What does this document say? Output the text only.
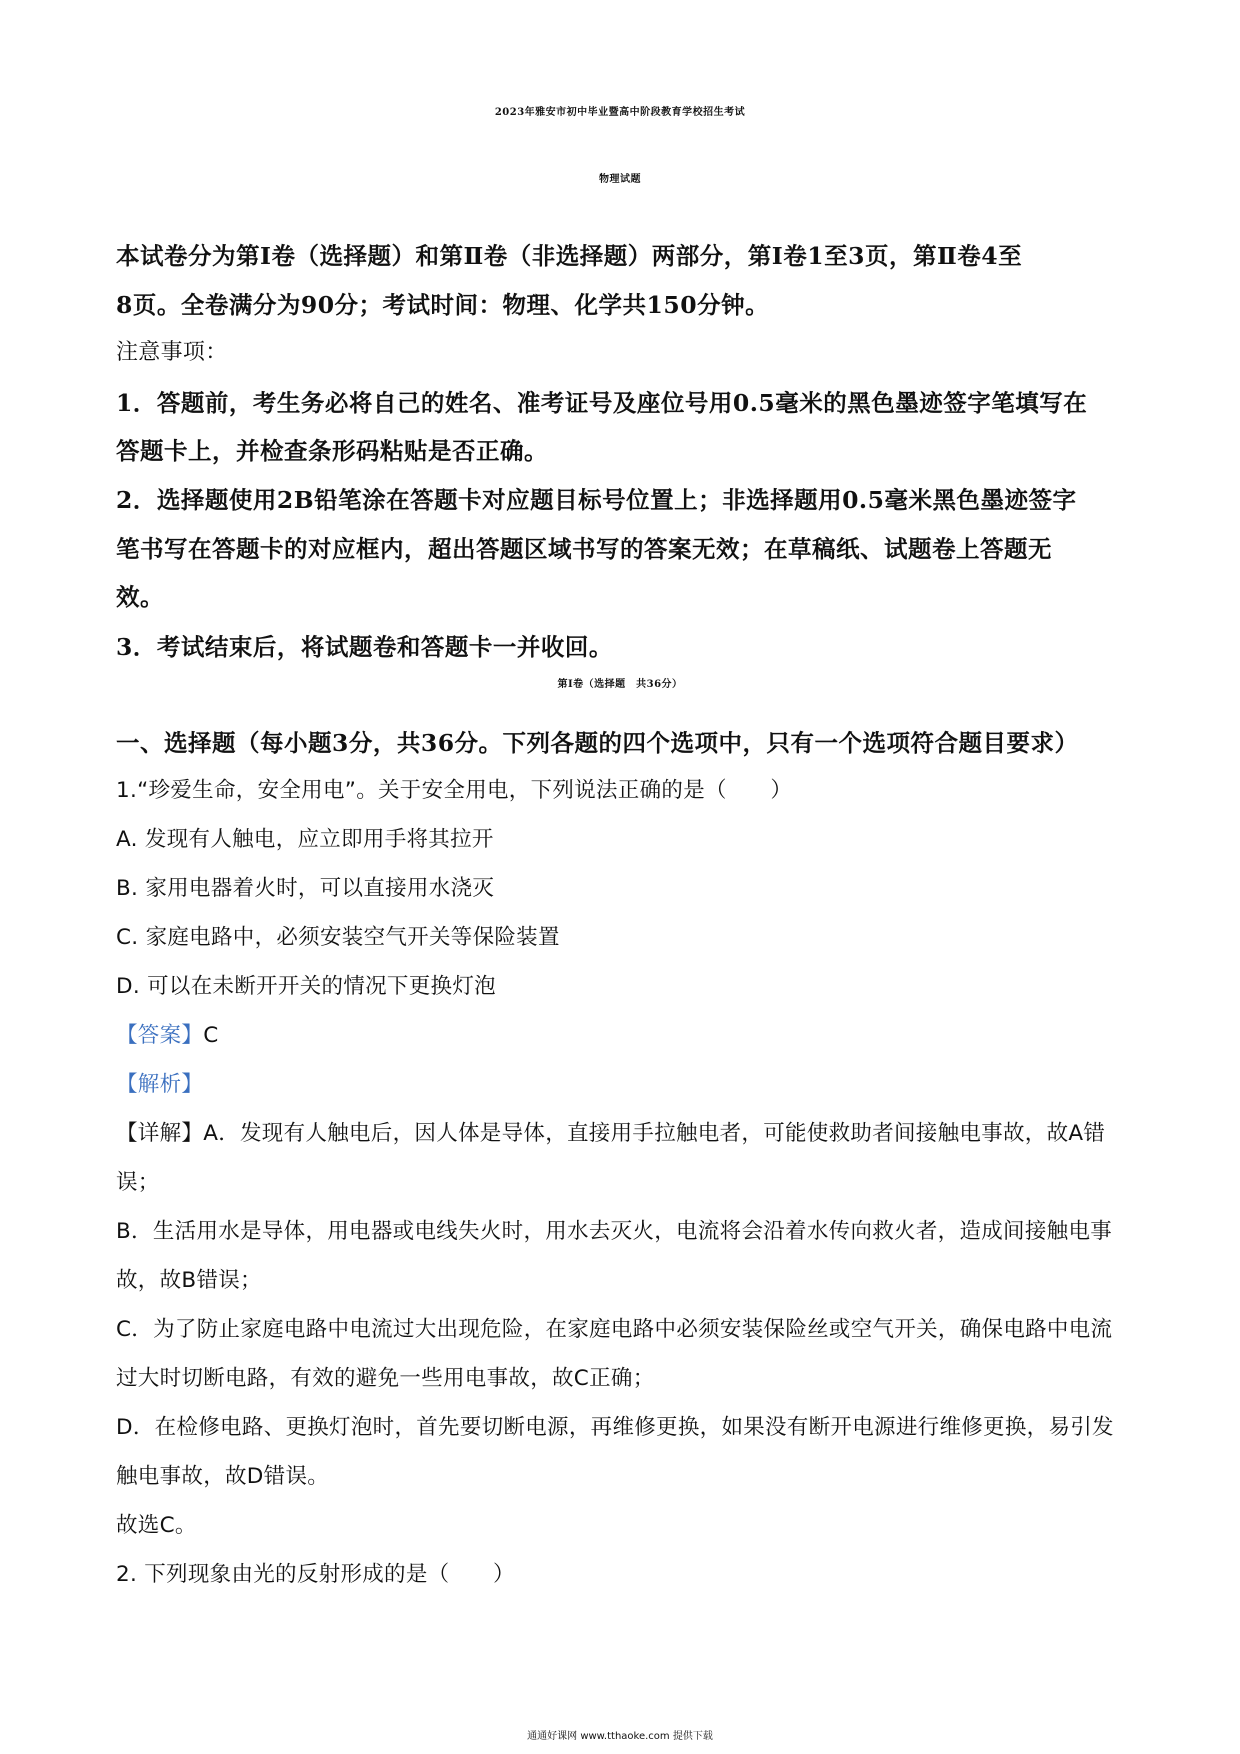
2023年雅安市初中毕业暨高中阶段教育学校招生考试
物理试题
本试卷分为第Ⅰ卷（选择题）和第Ⅱ卷（非选择题）两部分，第Ⅰ卷1至3页，第Ⅱ卷4至
8页。全卷满分为90分；考试时间：物理、化学共150分钟。
注意事项：
1．答题前，考生务必将自己的姓名、准考证号及座位号用0.5毫米的黑色墨迹签字笔填写在
答题卡上，并检查条形码粘贴是否正确。
2．选择题使用2B铅笔涂在答题卡对应题目标号位置上；非选择题用0.5毫米黑色墨迹签字
笔书写在答题卡的对应框内，超出答题区域书写的答案无效；在草稿纸、试题卷上答题无
效。
3．考试结束后，将试题卷和答题卡一并收回。
第Ⅰ卷（选择题　共36分）
一、选择题（每小题3分，共36分。下列各题的四个选项中，只有一个选项符合题目要求）
1.“珍爱生命，安全用电”。关于安全用电，下列说法正确的是（　　）
A. 发现有人触电，应立即用手将其拉开
B. 家用电器着火时，可以直接用水浇灭
C. 家庭电路中，必须安装空气开关等保险装置
D. 可以在未断开开关的情况下更换灯泡
【答案】C
【解析】
【详解】A．发现有人触电后，因人体是导体，直接用手拉触电者，可能使救助者间接触电事故，故A错
误；
B．生活用水是导体，用电器或电线失火时，用水去灭火，电流将会沿着水传向救火者，造成间接触电事
故，故B错误；
C．为了防止家庭电路中电流过大出现危险，在家庭电路中必须安装保险丝或空气开关，确保电路中电流
过大时切断电路，有效的避免一些用电事故，故C正确；
D．在检修电路、更换灯泡时，首先要切断电源，再维修更换，如果没有断开电源进行维修更换，易引发
触电事故，故D错误。
故选C。
2. 下列现象由光的反射形成的是（　　）
通通好课网 www.tthaoke.com 提供下载
